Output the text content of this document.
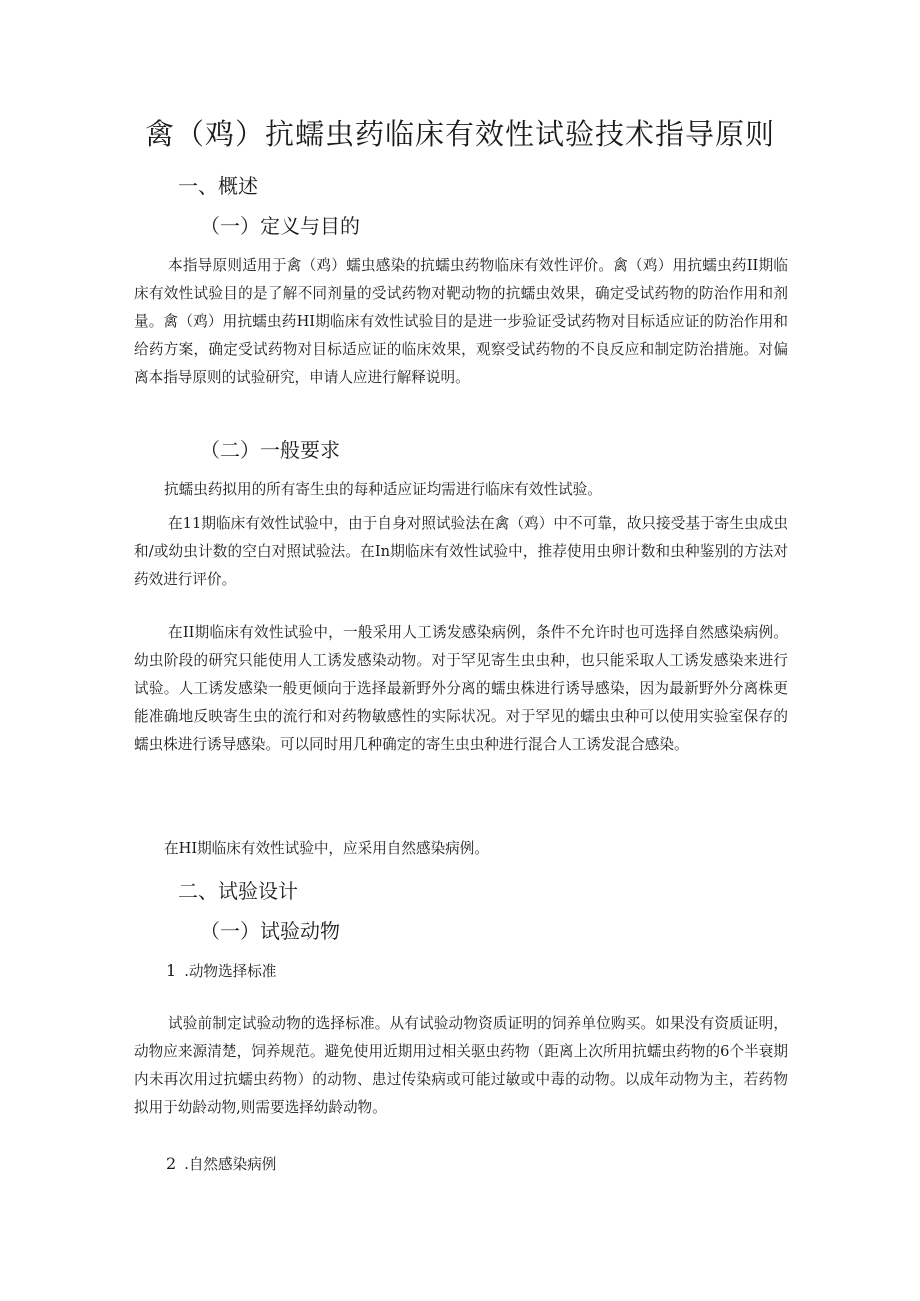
禽（鸡）抗蠕虫药临床有效性试验技术指导原则
一、概述
（一）定义与目的

本指导原则适用于禽（鸡）蠕虫感染的抗蠕虫药物临床有效性评价。禽（鸡）用抗蠕虫药II期临床有效性试验目的是了解不同剂量的受试药物对靶动物的抗蠕虫效果，确定受试药物的防治作用和剂量。禽（鸡）用抗蠕虫药HI期临床有效性试验目的是进一步验证受试药物对目标适应证的防治作用和给药方案，确定受试药物对目标适应证的临床效果，观察受试药物的不良反应和制定防治措施。对偏离本指导原则的试验研究，申请人应进行解释说明。

（二）一般要求

抗蠕虫药拟用的所有寄生虫的每种适应证均需进行临床有效性试验。

在11期临床有效性试验中，由于自身对照试验法在禽（鸡）中不可靠，故只接受基于寄生虫成虫和/或幼虫计数的空白对照试验法。在In期临床有效性试验中，推荐使用虫卵计数和虫种鉴别的方法对药效进行评价。

在II期临床有效性试验中，一般采用人工诱发感染病例，条件不允许时也可选择自然感染病例。幼虫阶段的研究只能使用人工诱发感染动物。对于罕见寄生虫虫种，也只能采取人工诱发感染来进行试验。人工诱发感染一般更倾向于选择最新野外分离的蠕虫株进行诱导感染，因为最新野外分离株更能准确地反映寄生虫的流行和对药物敏感性的实际状况。对于罕见的蠕虫虫种可以使用实验室保存的蠕虫株进行诱导感染。可以同时用几种确定的寄生虫虫种进行混合人工诱发混合感染。

在HI期临床有效性试验中，应采用自然感染病例。

二、试验设计
（一）试验动物
1 .动物选择标准

试验前制定试验动物的选择标准。从有试验动物资质证明的饲养单位购买。如果没有资质证明，动物应来源清楚，饲养规范。避免使用近期用过相关驱虫药物（距离上次所用抗蠕虫药物的6个半衰期内未再次用过抗蠕虫药物）的动物、患过传染病或可能过敏或中毒的动物。以成年动物为主，若药物拟用于幼龄动物,则需要选择幼龄动物。

2 .自然感染病例
